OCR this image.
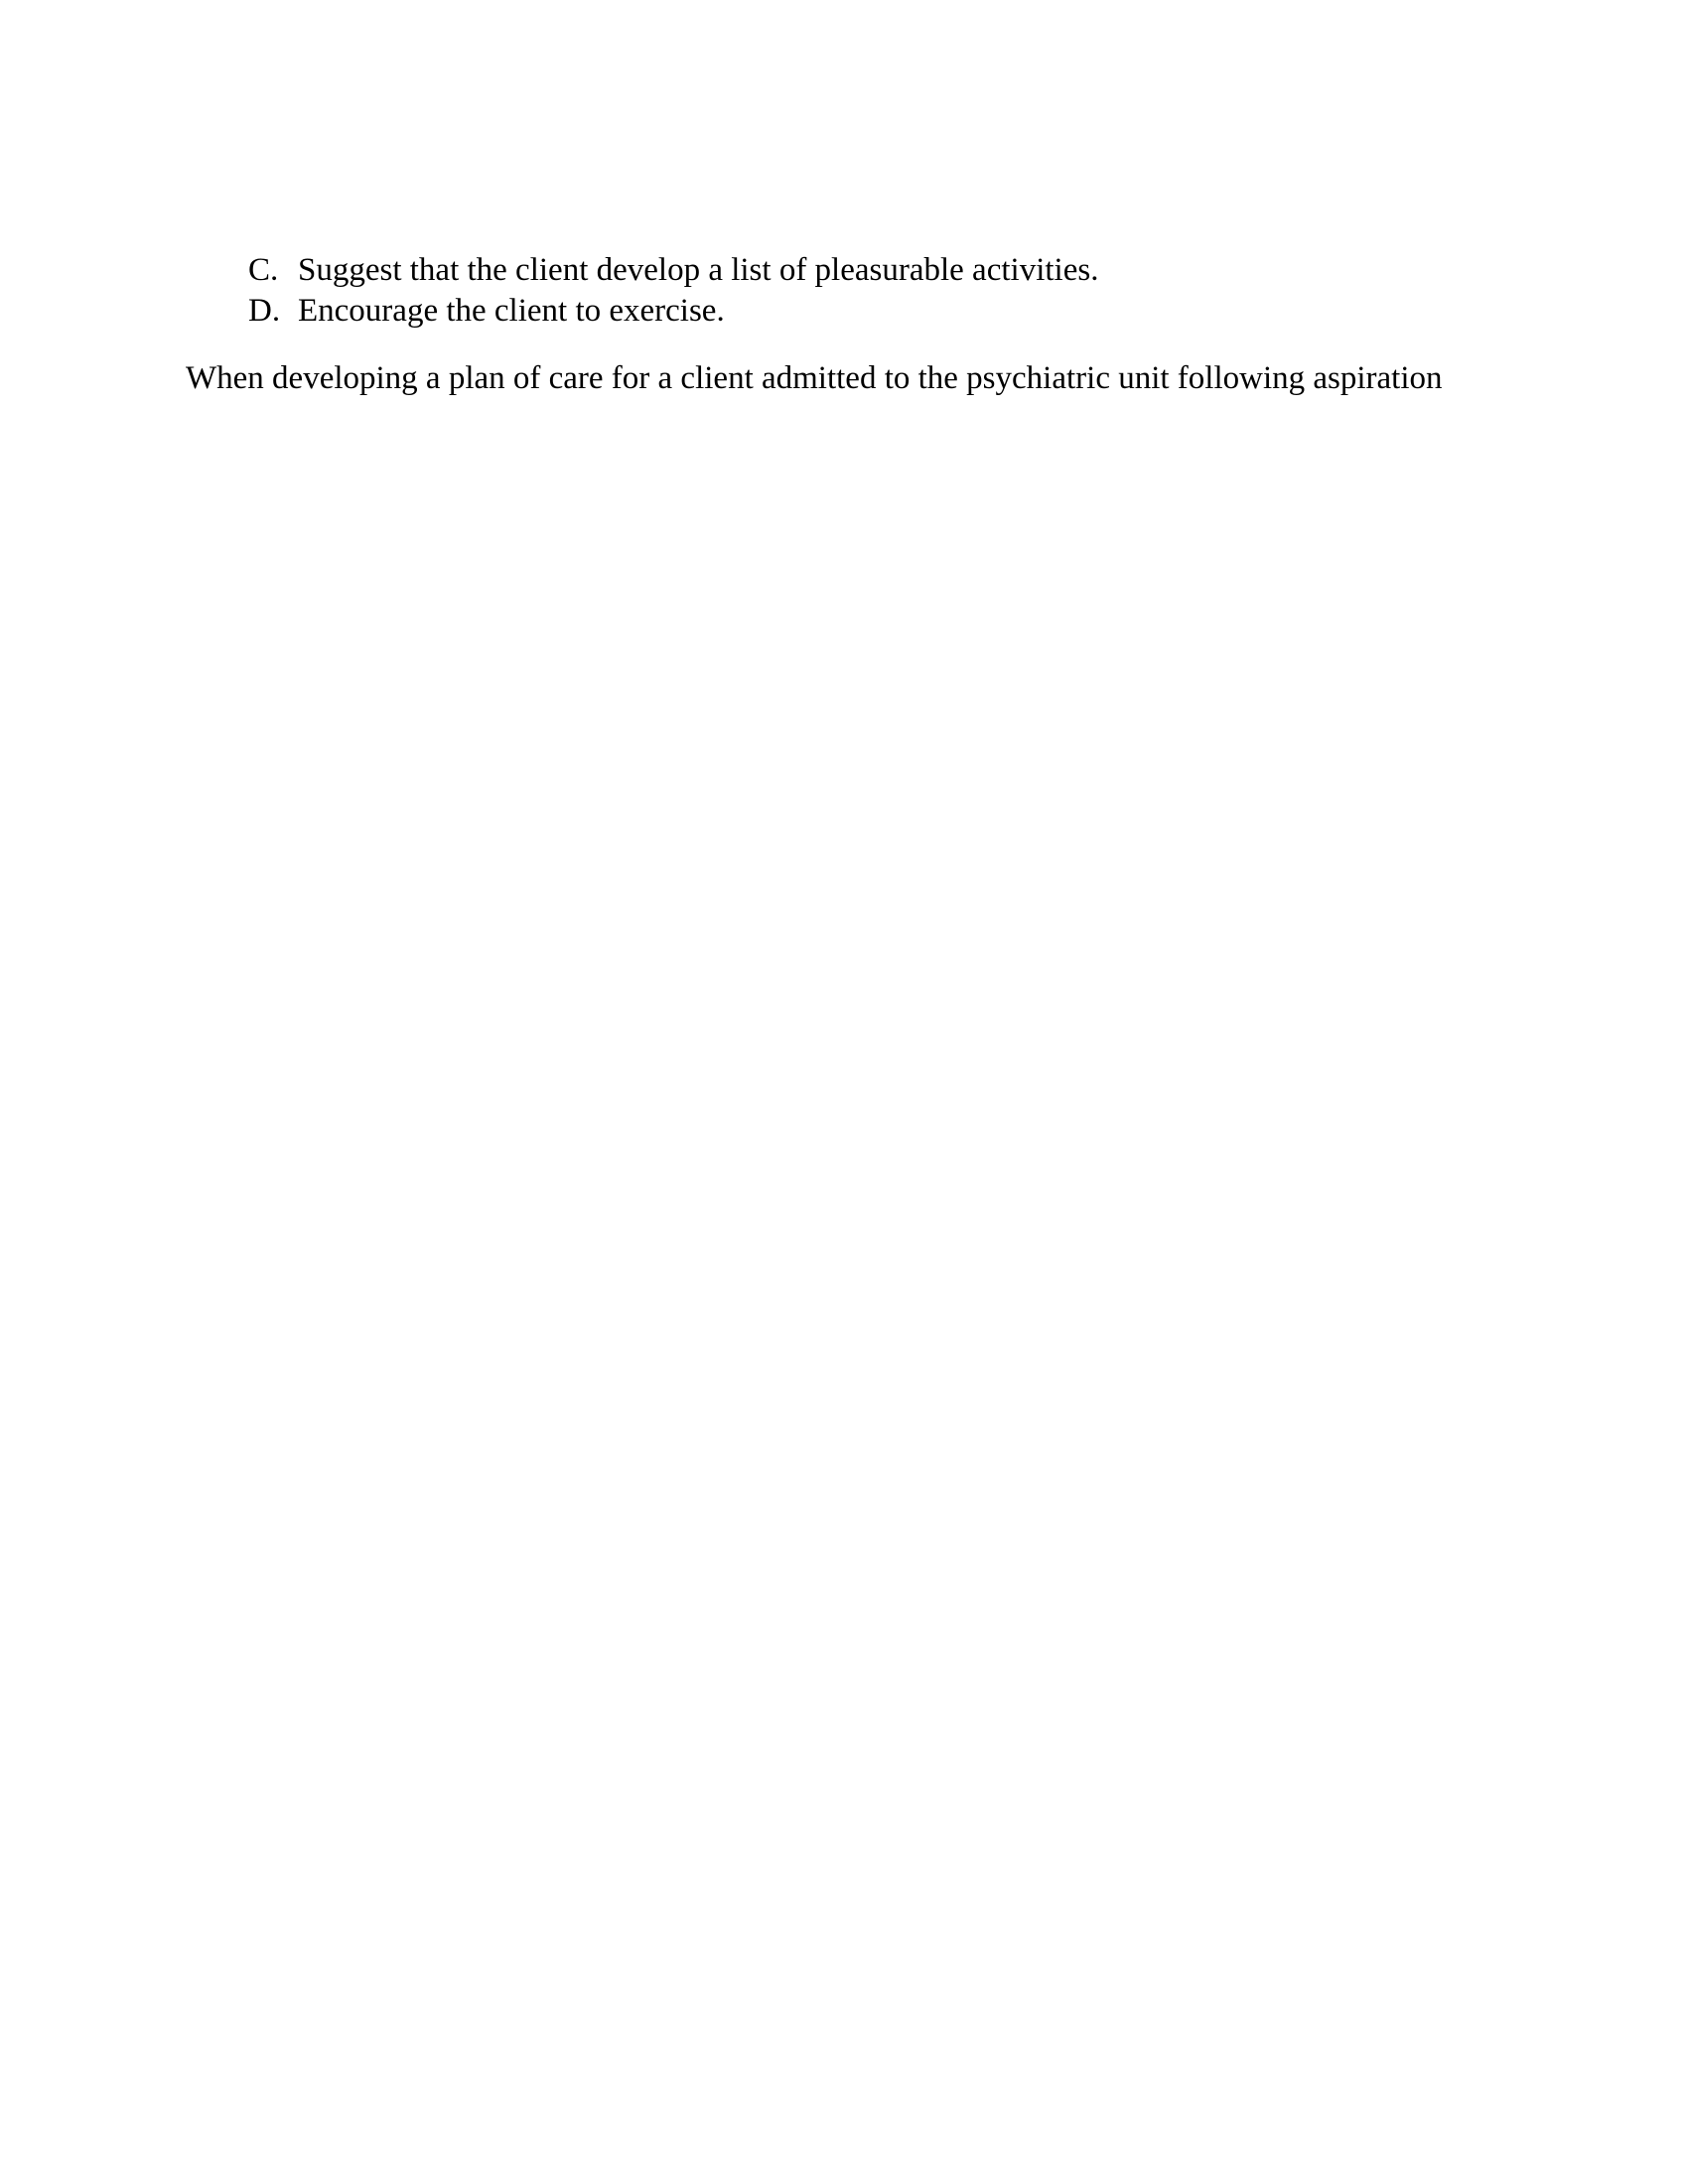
C. Suggest that the client develop a list of pleasurable activities.
D. Encourage the client to exercise.

When developing a plan of care for a client admitted to the psychiatric unit following aspiration
